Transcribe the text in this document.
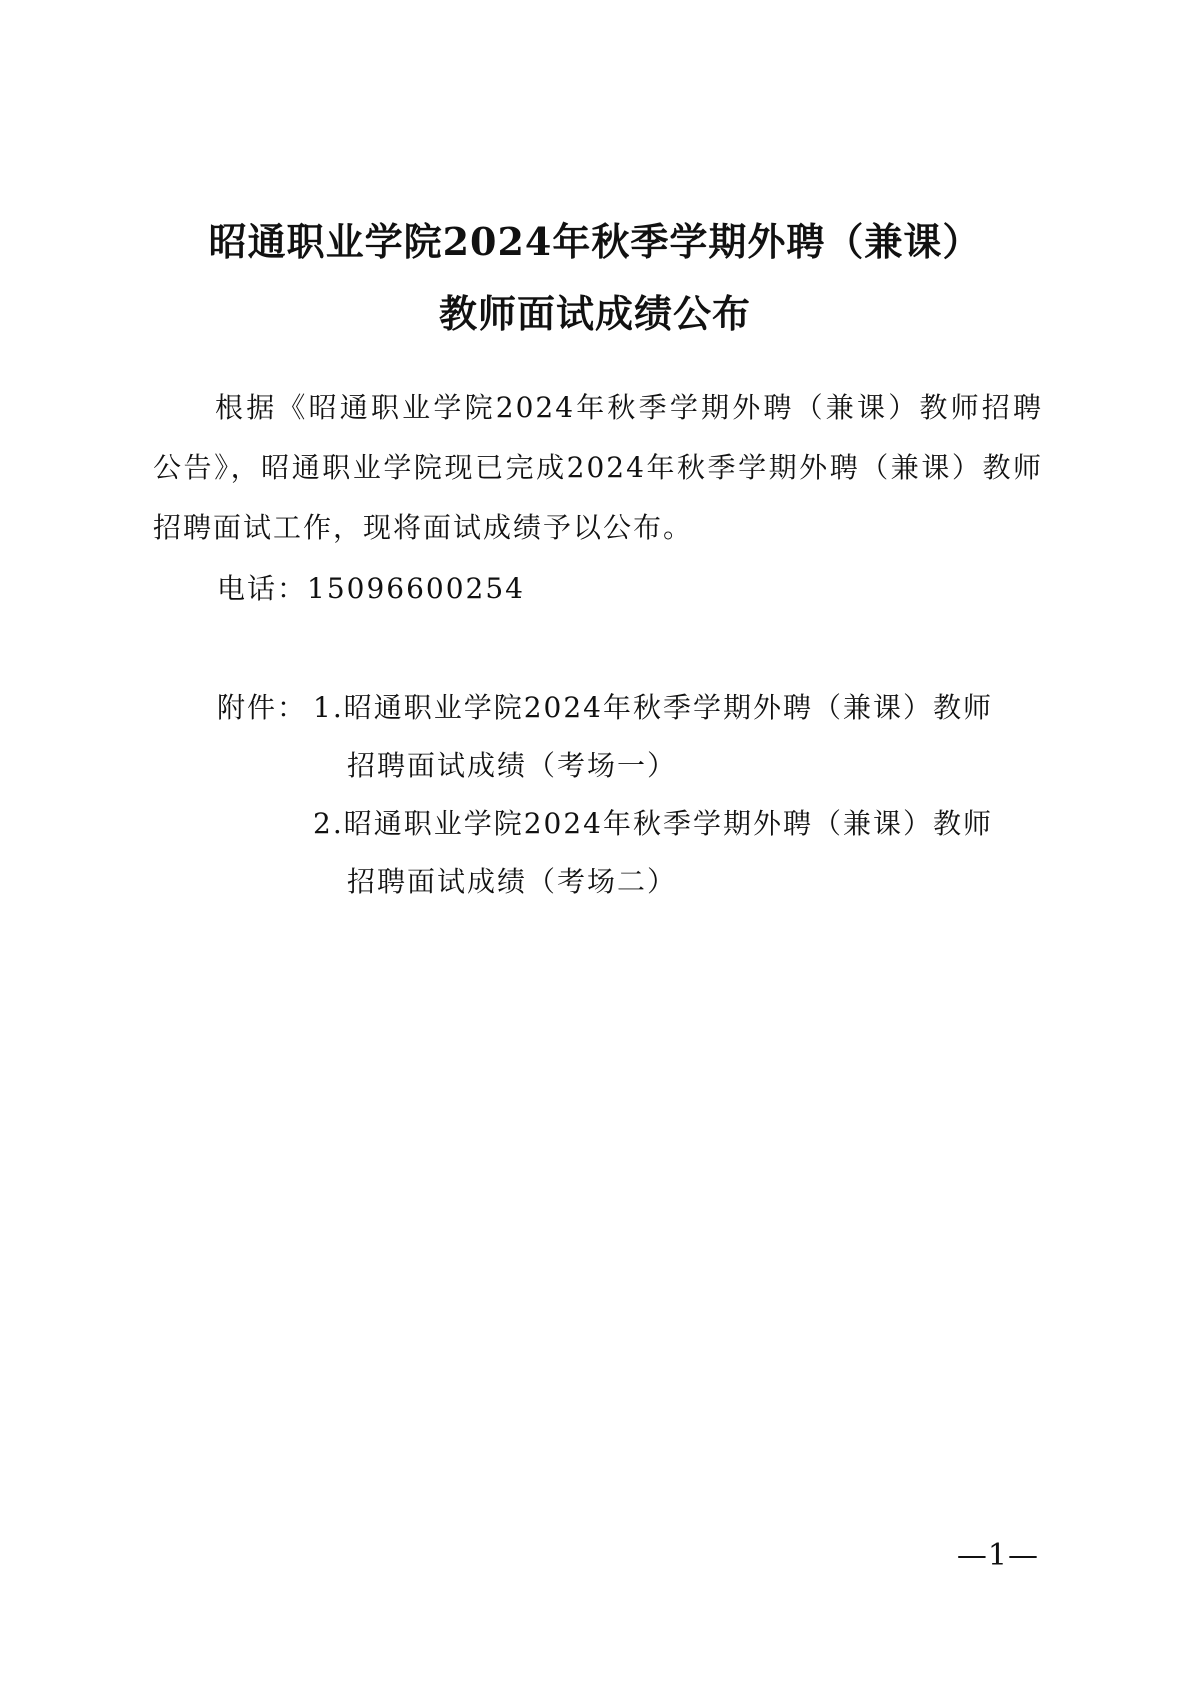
昭通职业学院2024年秋季学期外聘（兼课）
教师面试成绩公布

根据《昭通职业学院2024年秋季学期外聘（兼课）教师招聘公告》，昭通职业学院现已完成2024年秋季学期外聘（兼课）教师招聘面试工作，现将面试成绩予以公布。

电话：15096600254

附件： 1.昭通职业学院2024年秋季学期外聘（兼课）教师

招聘面试成绩（考场一）

2.昭通职业学院2024年秋季学期外聘（兼课）教师

招聘面试成绩（考场二）

—1—
